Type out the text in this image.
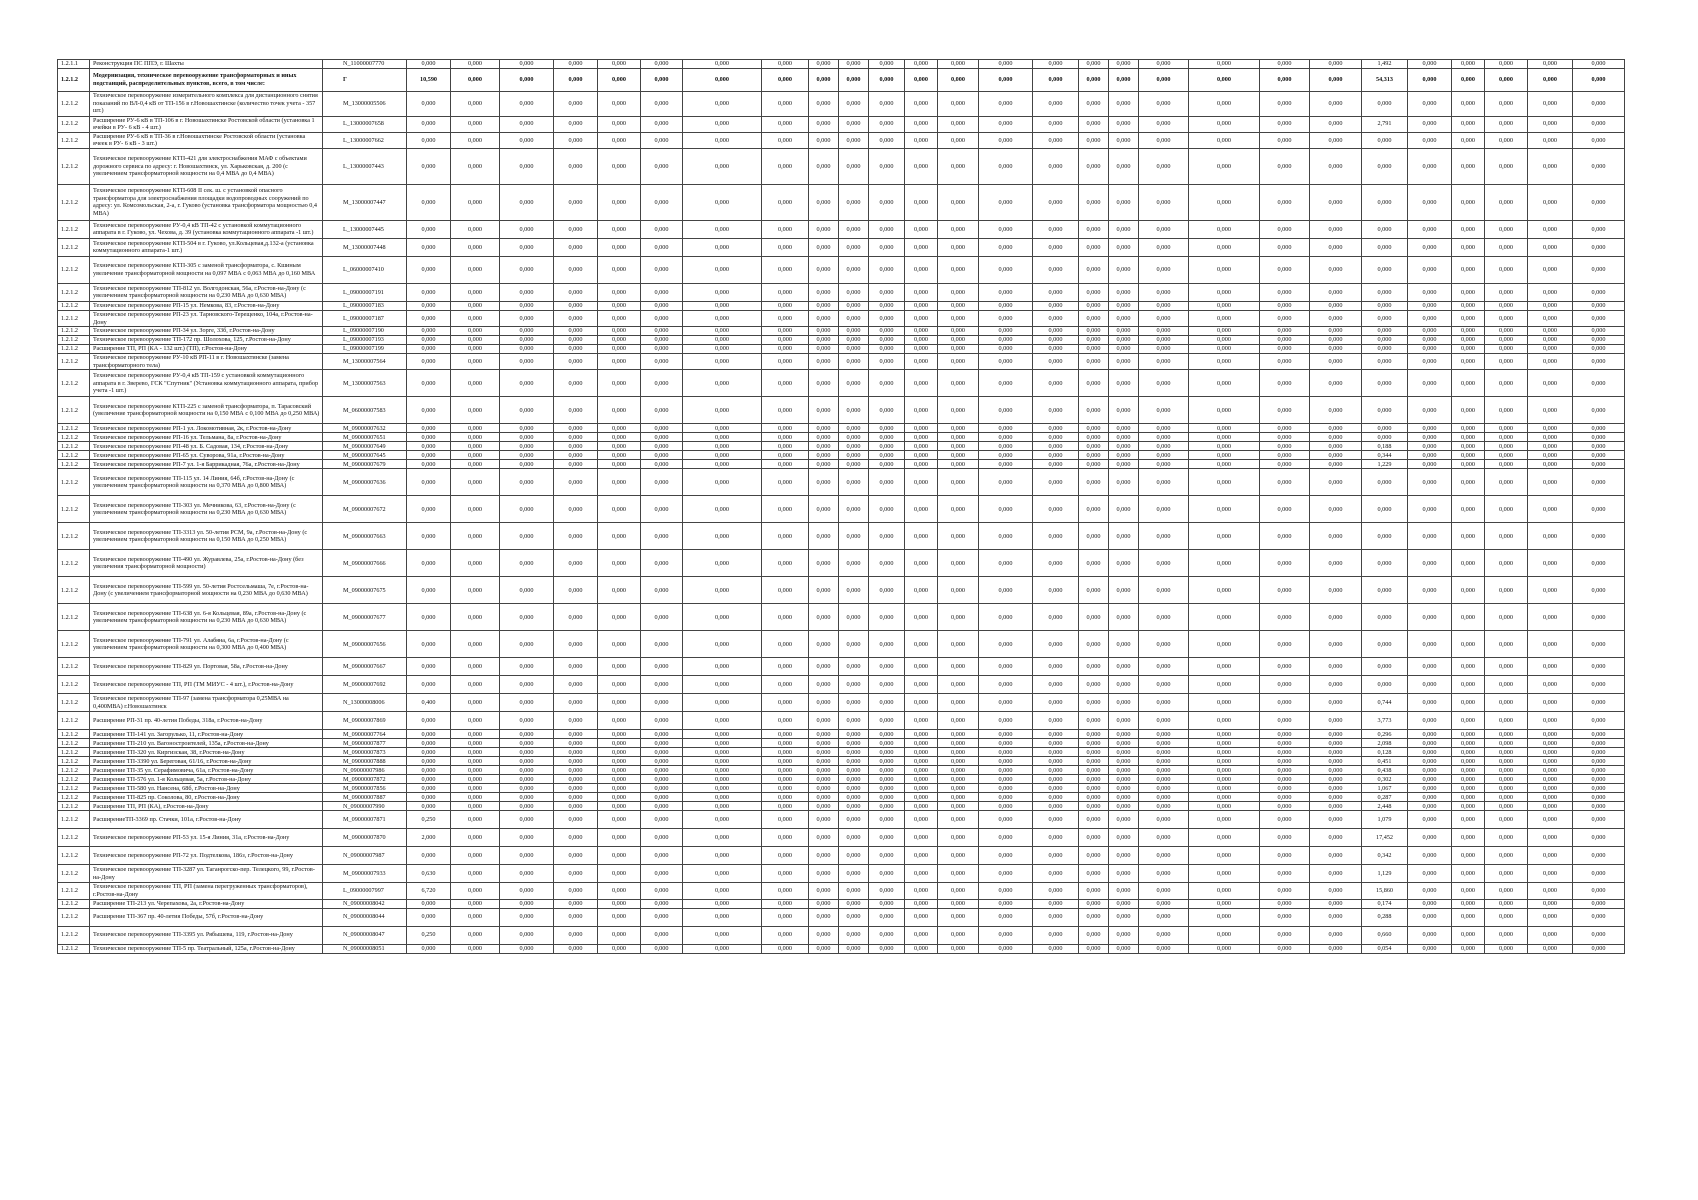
1.2.1.1	Реконструкция ПС ППЭ, г. Шахты	N_11000007770	0,000	0,000	0,000	0,000	0,000	0,000	0,000	0,000	0,000	0,000	0,000	0,000	0,000	0,000	0,000	0,000	0,000	0,000	0,000	0,000	0,000	1,492	0,000	0,000	0,000	0,000	0,000
1.2.1.2	Модернизация, техническое перевооружение трансформаторных и иных подстанций, распределительных пунктов, всего, в том числе:	Г	10,590	0,000	0,000	0,000	0,000	0,000	0,000	0,000	0,000	0,000	0,000	0,000	0,000	0,000	0,000	0,000	0,000	0,000	0,000	0,000	0,000	54,313	0,000	0,000	0,000	0,000	0,000
1.2.1.2	Техническое перевооружение измерительного комплекса для дистанционного снятия показаний по ВЛ-0,4 кВ от ТП-156 в г.Новошахтинске (количество точек учета - 357 шт.)	M_13000005506	0,000	0,000	0,000	0,000	0,000	0,000	0,000	0,000	0,000	0,000	0,000	0,000	0,000	0,000	0,000	0,000	0,000	0,000	0,000	0,000	0,000	0,000	0,000	0,000	0,000	0,000	0,000
1.2.1.2	Расширение РУ-6 кВ в ТП-106 в г. Новошахтинске Ростовской области (установка 1 ячейки в РУ- 6 кВ - 4 шт.)	L_13000007658	0,000	0,000	0,000	0,000	0,000	0,000	0,000	0,000	0,000	0,000	0,000	0,000	0,000	0,000	0,000	0,000	0,000	0,000	0,000	0,000	0,000	2,791	0,000	0,000	0,000	0,000	0,000
1.2.1.2	Расширение РУ-6 кВ в ТП-36 в г.Новошахтинске Ростовской области (установка ячеек в РУ- 6 кВ - 3 шт.)	L_13000007662	0,000	0,000	0,000	0,000	0,000	0,000	0,000	0,000	0,000	0,000	0,000	0,000	0,000	0,000	0,000	0,000	0,000	0,000	0,000	0,000	0,000	0,000	0,000	0,000	0,000	0,000	0,000
1.2.1.2	Техническое перевооружение КТП-421 для электроснабжения МАФ с объектами дорожного сервиса по адресу: г. Новошахтинск, ул. Харьковская, д. 200 (с увеличением трансформаторной мощности на 0,4 МВА до 0,4 МВА)	L_13000007443	0,000	0,000	0,000	0,000	0,000	0,000	0,000	0,000	0,000	0,000	0,000	0,000	0,000	0,000	0,000	0,000	0,000	0,000	0,000	0,000	0,000	0,000	0,000	0,000	0,000	0,000	0,000
1.2.1.2	Техническое перевооружение КТП-608 II сек. ш. с установкой опасного трансформатора для электроснабжения площадки водопроводных сооружений по адресу: ул. Комсомольская, 2-а, г. Гуково (установка трансформатора мощностью 0,4 МВА)	M_13000007447	0,000	0,000	0,000	0,000	0,000	0,000	0,000	0,000	0,000	0,000	0,000	0,000	0,000	0,000	0,000	0,000	0,000	0,000	0,000	0,000	0,000	0,000	0,000	0,000	0,000	0,000	0,000
1.2.1.2	Техническое перевооружение РУ-0,4 кВ ТП-42 с установкой коммутационного аппарата в г. Гуково, ул. Чехова, д. 39 (установка коммутационного аппарата -1 шт.)	L_13000007445	0,000	0,000	0,000	0,000	0,000	0,000	0,000	0,000	0,000	0,000	0,000	0,000	0,000	0,000	0,000	0,000	0,000	0,000	0,000	0,000	0,000	0,000	0,000	0,000	0,000	0,000	0,000
1.2.1.2	Техническое перевооружение КТП-504 в г. Гуково, ул.Кольцевая,д.132-а (установка коммутационного аппарата-1 шт.)	M_13000007448	0,000	0,000	0,000	0,000	0,000	0,000	0,000	0,000	0,000	0,000	0,000	0,000	0,000	0,000	0,000	0,000	0,000	0,000	0,000	0,000	0,000	0,000	0,000	0,000	0,000	0,000	0,000
1.2.1.2	Техническое перевооружение КТП-305 с заменой трансформатора, с. Кшиным увеличение трансформаторной мощности на 0,097 МВА с 0,063 МВА до 0,160 МВА	L_06000007410	0,000	0,000	0,000	0,000	0,000	0,000	0,000	0,000	0,000	0,000	0,000	0,000	0,000	0,000	0,000	0,000	0,000	0,000	0,000	0,000	0,000	0,000	0,000	0,000	0,000	0,000	0,000
1.2.1.2	Техническое перевооружение ТП-812 ул. Волгодонская, 56а, г.Ростов-на-Дону (с увеличением трансформаторной мощности на 0,230 МВА до 0,630 МВА)	L_09000007191	0,000	0,000	0,000	0,000	0,000	0,000	0,000	0,000	0,000	0,000	0,000	0,000	0,000	0,000	0,000	0,000	0,000	0,000	0,000	0,000	0,000	0,000	0,000	0,000	0,000	0,000	0,000
1.2.1.2	Техническое перевооружение РП-15 ул. Немкова, 83, г.Ростов-на-Дону	L_09000007183	0,000	0,000	0,000	0,000	0,000	0,000	0,000	0,000	0,000	0,000	0,000	0,000	0,000	0,000	0,000	0,000	0,000	0,000	0,000	0,000	0,000	0,000	0,000	0,000	0,000	0,000	0,000
1.2.1.2	Техническое перевооружение РП-23 ул. Тарновского-Терещенко, 104а, г.Ростов-на-Дону	L_09000007187	0,000	0,000	0,000	0,000	0,000	0,000	0,000	0,000	0,000	0,000	0,000	0,000	0,000	0,000	0,000	0,000	0,000	0,000	0,000	0,000	0,000	0,000	0,000	0,000	0,000	0,000	0,000
1.2.1.2	Техническое перевооружение РП-34 ул. Зорге, 33б, г.Ростов-на-Дону	L_09000007190	0,000	0,000	0,000	0,000	0,000	0,000	0,000	0,000	0,000	0,000	0,000	0,000	0,000	0,000	0,000	0,000	0,000	0,000	0,000	0,000	0,000	0,000	0,000	0,000	0,000	0,000	0,000
1.2.1.2	Техническое перевооружение ТП-172 пр. Шолохова, 125, г.Ростов-на-Дону	L_09000007193	0,000	0,000	0,000	0,000	0,000	0,000	0,000	0,000	0,000	0,000	0,000	0,000	0,000	0,000	0,000	0,000	0,000	0,000	0,000	0,000	0,000	0,000	0,000	0,000	0,000	0,000	0,000
1.2.1.2	Расширение ТП, РП (КА - 132 шт.) (ТП), г.Ростов-на-Дону	L_09000007199	0,000	0,000	0,000	0,000	0,000	0,000	0,000	0,000	0,000	0,000	0,000	0,000	0,000	0,000	0,000	0,000	0,000	0,000	0,000	0,000	0,000	0,000	0,000	0,000	0,000	0,000	0,000
1.2.1.2	Техническое перевооружение РУ-10 кВ РП-11 в г. Новошахтинске (замена трансформаторного тела)	M_13000007564	0,000	0,000	0,000	0,000	0,000	0,000	0,000	0,000	0,000	0,000	0,000	0,000	0,000	0,000	0,000	0,000	0,000	0,000	0,000	0,000	0,000	0,000	0,000	0,000	0,000	0,000	0,000
1.2.1.2	Техническое перевооружение РУ-0,4 кВ ТП-159 с установкой коммутационного аппарата в г. Зверево, ГСК "Спутник" (Установка коммутационного аппарата, прибор учета -1 шт.)	M_13000007563	0,000	0,000	0,000	0,000	0,000	0,000	0,000	0,000	0,000	0,000	0,000	0,000	0,000	0,000	0,000	0,000	0,000	0,000	0,000	0,000	0,000	0,000	0,000	0,000	0,000	0,000	0,000
1.2.1.2	Техническое перевооружение КТП-225 с заменой трансформатора, п. Тарасовский (увеличение трансформаторной мощности на 0,150 МВА с 0,100 МВА до 0,250 МВА)	M_06000007583	0,000	0,000	0,000	0,000	0,000	0,000	0,000	0,000	0,000	0,000	0,000	0,000	0,000	0,000	0,000	0,000	0,000	0,000	0,000	0,000	0,000	0,000	0,000	0,000	0,000	0,000	0,000
1.2.1.2	Техническое перевооружение РП-1 ул. Локомотивная, 2к, г.Ростов-на-Дону	M_09000007632	0,000	0,000	0,000	0,000	0,000	0,000	0,000	0,000	0,000	0,000	0,000	0,000	0,000	0,000	0,000	0,000	0,000	0,000	0,000	0,000	0,000	0,000	0,000	0,000	0,000	0,000	0,000
1.2.1.2	Техническое перевооружение РП-16 ул. Тельмана, 8а, г.Ростов-на-Дону	M_09000007651	0,000	0,000	0,000	0,000	0,000	0,000	0,000	0,000	0,000	0,000	0,000	0,000	0,000	0,000	0,000	0,000	0,000	0,000	0,000	0,000	0,000	0,000	0,000	0,000	0,000	0,000	0,000
1.2.1.2	Техническое перевооружение РП-48 ул. Б. Садовая, 134, г.Ростов-на-Дону	M_09000007649	0,000	0,000	0,000	0,000	0,000	0,000	0,000	0,000	0,000	0,000	0,000	0,000	0,000	0,000	0,000	0,000	0,000	0,000	0,000	0,000	0,000	0,188	0,000	0,000	0,000	0,000	0,000
1.2.1.2	Техническое перевооружение РП-65 ул. Суворова, 91а, г.Ростов-на-Дону	M_09000007645	0,000	0,000	0,000	0,000	0,000	0,000	0,000	0,000	0,000	0,000	0,000	0,000	0,000	0,000	0,000	0,000	0,000	0,000	0,000	0,000	0,000	0,344	0,000	0,000	0,000	0,000	0,000
1.2.1.2	Техническое перевооружение РП-7 ул. 1-я Баррикадная, 76а, г.Ростов-на-Дону	M_09000007679	0,000	0,000	0,000	0,000	0,000	0,000	0,000	0,000	0,000	0,000	0,000	0,000	0,000	0,000	0,000	0,000	0,000	0,000	0,000	0,000	0,000	1,229	0,000	0,000	0,000	0,000	0,000
1.2.1.2	Техническое перевооружение ТП-115 ул. 14 Линия, 64б, г.Ростов-на-Дону (с увеличением трансформаторной мощности на 0,370 МВА до 0,800 МВА)	M_09000007636	0,000	0,000	0,000	0,000	0,000	0,000	0,000	0,000	0,000	0,000	0,000	0,000	0,000	0,000	0,000	0,000	0,000	0,000	0,000	0,000	0,000	0,000	0,000	0,000	0,000	0,000	0,000
1.2.1.2	Техническое перевооружение ТП-303 ул. Мечникова, 63, г.Ростов-на-Дону (с увеличением трансформаторной мощности на 0,230 МВА до 0,630 МВА)	M_09000007672	0,000	0,000	0,000	0,000	0,000	0,000	0,000	0,000	0,000	0,000	0,000	0,000	0,000	0,000	0,000	0,000	0,000	0,000	0,000	0,000	0,000	0,000	0,000	0,000	0,000	0,000	0,000
1.2.1.2	Техническое перевооружение ТП-3313 ул. 50-летия РСМ, 9а, г.Ростов-на-Дону (с увеличением трансформаторной мощности на 0,150 МВА до 0,250 МВА)	M_09000007663	0,000	0,000	0,000	0,000	0,000	0,000	0,000	0,000	0,000	0,000	0,000	0,000	0,000	0,000	0,000	0,000	0,000	0,000	0,000	0,000	0,000	0,000	0,000	0,000	0,000	0,000	0,000
1.2.1.2	Техническое перевооружение ТП-490 ул. Журавлева, 25а, г.Ростов-на-Дону (без увеличения трансформаторной мощности)	M_09000007666	0,000	0,000	0,000	0,000	0,000	0,000	0,000	0,000	0,000	0,000	0,000	0,000	0,000	0,000	0,000	0,000	0,000	0,000	0,000	0,000	0,000	0,000	0,000	0,000	0,000	0,000	0,000
1.2.1.2	Техническое перевооружение ТП-599 ул. 50-летия Ростсельмаша, 7е, г.Ростов-на-Дону (с увеличением трансформаторной мощности на 0,230 МВА до 0,630 МВА)	M_09000007675	0,000	0,000	0,000	0,000	0,000	0,000	0,000	0,000	0,000	0,000	0,000	0,000	0,000	0,000	0,000	0,000	0,000	0,000	0,000	0,000	0,000	0,000	0,000	0,000	0,000	0,000	0,000
1.2.1.2	Техническое перевооружение ТП-638 ул. 6-я Кольцевая, 89а, г.Ростов-на-Дону (с увеличением трансформаторной мощности на 0,230 МВА до 0,630 МВА)	M_09000007677	0,000	0,000	0,000	0,000	0,000	0,000	0,000	0,000	0,000	0,000	0,000	0,000	0,000	0,000	0,000	0,000	0,000	0,000	0,000	0,000	0,000	0,000	0,000	0,000	0,000	0,000	0,000
1.2.1.2	Техническое перевооружение ТП-791 ул. Алабяна, 6а, г.Ростов-на-Дону (с увеличением трансформаторной мощности на 0,300 МВА до 0,400 МВА)	M_09000007656	0,000	0,000	0,000	0,000	0,000	0,000	0,000	0,000	0,000	0,000	0,000	0,000	0,000	0,000	0,000	0,000	0,000	0,000	0,000	0,000	0,000	0,000	0,000	0,000	0,000	0,000	0,000
1.2.1.2	Техническое перевооружение ТП-829 ул. Портовая, 58а, г.Ростов-на-Дону	M_09000007667	0,000	0,000	0,000	0,000	0,000	0,000	0,000	0,000	0,000	0,000	0,000	0,000	0,000	0,000	0,000	0,000	0,000	0,000	0,000	0,000	0,000	0,000	0,000	0,000	0,000	0,000	0,000
1.2.1.2	Техническое перевооружение ТП, РП (ТМ МИУС - 4 шт.), г.Ростов-на-Дону	M_09000007692	0,000	0,000	0,000	0,000	0,000	0,000	0,000	0,000	0,000	0,000	0,000	0,000	0,000	0,000	0,000	0,000	0,000	0,000	0,000	0,000	0,000	0,000	0,000	0,000	0,000	0,000	0,000
1.2.1.2	Техническое перевооружение ТП-97 (замена трансформатора 0,25МВА на 0,400МВА) г.Новошахтинск	N_13000008006	0,400	0,000	0,000	0,000	0,000	0,000	0,000	0,000	0,000	0,000	0,000	0,000	0,000	0,000	0,000	0,000	0,000	0,000	0,000	0,000	0,000	0,744	0,000	0,000	0,000	0,000	0,000
1.2.1.2	Расширение РП-31 пр. 40-летия Победы, 318а, г.Ростов-на-Дону	M_09000007869	0,000	0,000	0,000	0,000	0,000	0,000	0,000	0,000	0,000	0,000	0,000	0,000	0,000	0,000	0,000	0,000	0,000	0,000	0,000	0,000	0,000	3,773	0,000	0,000	0,000	0,000	0,000
1.2.1.2	Расширение ТП-141 ул. Загорулько, 11, г.Ростов-на-Дону	M_09000007764	0,000	0,000	0,000	0,000	0,000	0,000	0,000	0,000	0,000	0,000	0,000	0,000	0,000	0,000	0,000	0,000	0,000	0,000	0,000	0,000	0,000	0,296	0,000	0,000	0,000	0,000	0,000
1.2.1.2	Расширение ТП-210 ул. Вагоностроителей, 135а, г.Ростов-на-Дону	M_09000007877	0,000	0,000	0,000	0,000	0,000	0,000	0,000	0,000	0,000	0,000	0,000	0,000	0,000	0,000	0,000	0,000	0,000	0,000	0,000	0,000	0,000	2,098	0,000	0,000	0,000	0,000	0,000
1.2.1.2	Расширение ТП-320 ул. Киргизская, 38, г.Ростов-на-Дону	M_09000007873	0,000	0,000	0,000	0,000	0,000	0,000	0,000	0,000	0,000	0,000	0,000	0,000	0,000	0,000	0,000	0,000	0,000	0,000	0,000	0,000	0,000	0,128	0,000	0,000	0,000	0,000	0,000
1.2.1.2	Расширение ТП-3390 ул. Береговая, 61/16, г.Ростов-на-Дону	M_09000007888	0,000	0,000	0,000	0,000	0,000	0,000	0,000	0,000	0,000	0,000	0,000	0,000	0,000	0,000	0,000	0,000	0,000	0,000	0,000	0,000	0,000	0,451	0,000	0,000	0,000	0,000	0,000
1.2.1.2	Расширение ТП-35 ул. Серафимовича, 61а, г.Ростов-на-Дону	N_09000007986	0,000	0,000	0,000	0,000	0,000	0,000	0,000	0,000	0,000	0,000	0,000	0,000	0,000	0,000	0,000	0,000	0,000	0,000	0,000	0,000	0,000	0,438	0,000	0,000	0,000	0,000	0,000
1.2.1.2	Расширение ТП-576 ул. 1-я Кольцевая, 5а, г.Ростов-на-Дону	M_09000007872	0,000	0,000	0,000	0,000	0,000	0,000	0,000	0,000	0,000	0,000	0,000	0,000	0,000	0,000	0,000	0,000	0,000	0,000	0,000	0,000	0,000	0,302	0,000	0,000	0,000	0,000	0,000
1.2.1.2	Расширение ТП-580 ул. Нансена, 68б, г.Ростов-на-Дону	M_09000007856	0,000	0,000	0,000	0,000	0,000	0,000	0,000	0,000	0,000	0,000	0,000	0,000	0,000	0,000	0,000	0,000	0,000	0,000	0,000	0,000	0,000	1,067	0,000	0,000	0,000	0,000	0,000
1.2.1.2	Расширение ТП-825 пр. Соколова, 80, г.Ростов-на-Дону	M_09000007887	0,000	0,000	0,000	0,000	0,000	0,000	0,000	0,000	0,000	0,000	0,000	0,000	0,000	0,000	0,000	0,000	0,000	0,000	0,000	0,000	0,000	0,287	0,000	0,000	0,000	0,000	0,000
1.2.1.2	Расширение ТП, РП (КА), г.Ростов-на-Дону	N_09000007990	0,000	0,000	0,000	0,000	0,000	0,000	0,000	0,000	0,000	0,000	0,000	0,000	0,000	0,000	0,000	0,000	0,000	0,000	0,000	0,000	0,000	2,448	0,000	0,000	0,000	0,000	0,000
1.2.1.2	РасширениеТП-3369 пр. Стачки, 101а, г.Ростов-на-Дону	M_09000007871	0,250	0,000	0,000	0,000	0,000	0,000	0,000	0,000	0,000	0,000	0,000	0,000	0,000	0,000	0,000	0,000	0,000	0,000	0,000	0,000	0,000	1,079	0,000	0,000	0,000	0,000	0,000
1.2.1.2	Техническое перевооружение РП-53 ул. 15-я Линия, 31а, г.Ростов-на-Дону	M_09000007870	2,000	0,000	0,000	0,000	0,000	0,000	0,000	0,000	0,000	0,000	0,000	0,000	0,000	0,000	0,000	0,000	0,000	0,000	0,000	0,000	0,000	17,452	0,000	0,000	0,000	0,000	0,000
1.2.1.2	Техническое перевооружение РП-72 ул. Подтелкова, 186з, г.Ростов-на-Дону	N_09000007987	0,000	0,000	0,000	0,000	0,000	0,000	0,000	0,000	0,000	0,000	0,000	0,000	0,000	0,000	0,000	0,000	0,000	0,000	0,000	0,000	0,000	0,342	0,000	0,000	0,000	0,000	0,000
1.2.1.2	Техническое перевооружение ТП-3287 ул. Таганрогско-пер. Телецкого, 99, г.Ростов-на-Дону	M_09000007933	0,630	0,000	0,000	0,000	0,000	0,000	0,000	0,000	0,000	0,000	0,000	0,000	0,000	0,000	0,000	0,000	0,000	0,000	0,000	0,000	0,000	1,129	0,000	0,000	0,000	0,000	0,000
1.2.1.2	Техническое перевооружение ТП, РП (замена перегруженных трансформаторов), г.Ростов-на-Дону	L_09000007997	6,720	0,000	0,000	0,000	0,000	0,000	0,000	0,000	0,000	0,000	0,000	0,000	0,000	0,000	0,000	0,000	0,000	0,000	0,000	0,000	0,000	15,860	0,000	0,000	0,000	0,000	0,000
1.2.1.2	Расширение ТП-213 ул. Черепахова, 2а, г.Ростов-на-Дону	N_09000008042	0,000	0,000	0,000	0,000	0,000	0,000	0,000	0,000	0,000	0,000	0,000	0,000	0,000	0,000	0,000	0,000	0,000	0,000	0,000	0,000	0,000	0,174	0,000	0,000	0,000	0,000	0,000
1.2.1.2	Расширение ТП-367 пр. 40-летия Победы, 57б, г.Ростов-на-Дону	N_09000008044	0,000	0,000	0,000	0,000	0,000	0,000	0,000	0,000	0,000	0,000	0,000	0,000	0,000	0,000	0,000	0,000	0,000	0,000	0,000	0,000	0,000	0,288	0,000	0,000	0,000	0,000	0,000
1.2.1.2	Техническое перевооружение ТП-3395 ул. Рябышева, 119, г.Ростов-на-Дону	N_09000008047	0,250	0,000	0,000	0,000	0,000	0,000	0,000	0,000	0,000	0,000	0,000	0,000	0,000	0,000	0,000	0,000	0,000	0,000	0,000	0,000	0,000	0,660	0,000	0,000	0,000	0,000	0,000
1.2.1.2	Техническое перевооружение ТП-5 пр. Театральный, 125а, г.Ростов-на-Дону	N_09000008051	0,000	0,000	0,000	0,000	0,000	0,000	0,000	0,000	0,000	0,000	0,000	0,000	0,000	0,000	0,000	0,000	0,000	0,000	0,000	0,000	0,000	0,054	0,000	0,000	0,000	0,000	0,000
